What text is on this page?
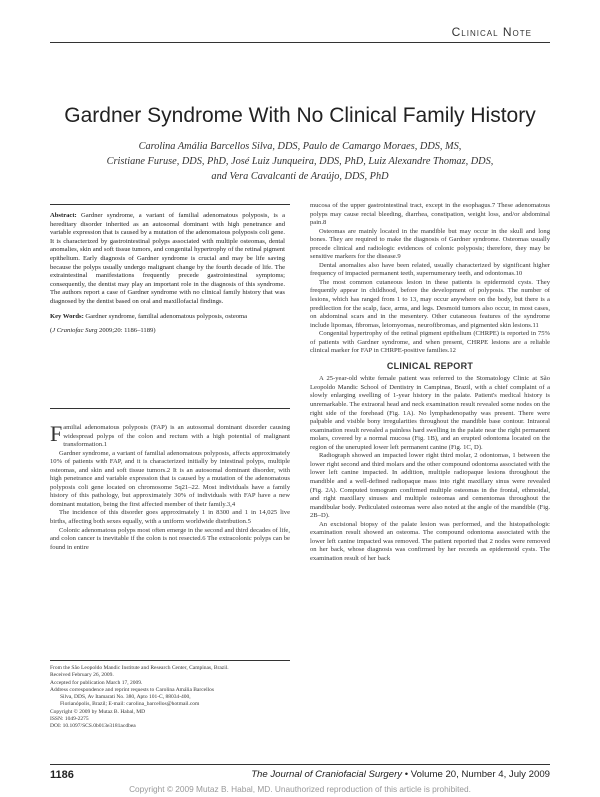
Clinical Note
Gardner Syndrome With No Clinical Family History
Carolina Amália Barcellos Silva, DDS, Paulo de Camargo Moraes, DDS, MS,
Cristiane Furuse, DDS, PhD, José Luiz Junqueira, DDS, PhD, Luiz Alexandre Thomaz, DDS,
and Vera Cavalcanti de Araújo, DDS, PhD

Abstract: Gardner syndrome, a variant of familial adenomatous polyposis, is a hereditary disorder inherited as an autosomal dominant with high penetrance and variable expression that is caused by a mutation of the adenomatous polyposis coli gene. It is characterized by gastrointestinal polyps associated with multiple osteomas, dental anomalies, skin and soft tissue tumors, and congenital hypertrophy of the retinal pigment epithelium. Early diagnosis of Gardner syndrome is crucial and may be life saving because the polyps usually undergo malignant change by the fourth decade of life. The extraintestinal manifestations frequently precede gastrointestinal symptoms; consequently, the dentist may play an important role in the diagnosis of this syndrome. The authors report a case of Gardner syndrome with no clinical family history that was diagnosed by the dentist based on oral and maxillofacial findings.

Key Words: Gardner syndrome, familial adenomatous polyposis, osteoma

(J Craniofac Surg 2009;20: 1186–1189)

Familial adenomatous polyposis (FAP) is an autosomal dominant disorder causing widespread polyps of the colon and rectum with a high potential of malignant transformation.1

Gardner syndrome, a variant of familial adenomatous polyposis, affects approximately 10% of patients with FAP, and it is characterized initially by intestinal polyps, multiple osteomas, and skin and soft tissue tumors.2 It is an autosomal dominant disorder, with high penetrance and variable expression that is caused by a mutation of the adenomatous polyposis coli gene located on chromosome 5q21–22. Most individuals have a family history of this pathology, but approximately 30% of individuals with FAP have a new dominant mutation, being the first affected member of their family.3,4

The incidence of this disorder goes approximately 1 in 8300 and 1 in 14,025 live births, affecting both sexes equally, with a uniform worldwide distribution.5

Colonic adenomatous polyps most often emerge in the second and third decades of life, and colon cancer is inevitable if the colon is not resected.6 The extracolonic polyps can be found in entire

From the São Leopoldo Mandic Institute and Research Center, Campinas, Brazil.
Received February 26, 2009.
Accepted for publication March 17, 2009.
Address correspondence and reprint requests to Carolina Amália Barcellos
Silva, DDS, Av Itamarati No. 380, Apto 101-C, 88034-400,
Florianópolis, Brazil; E-mail: carolina_barcellos@hotmail.com
Copyright © 2009 by Mutaz B. Habal, MD
ISSN: 1049-2275
DOI: 10.1097/SCS.0b013e3181acdbea

mucosa of the upper gastrointestinal tract, except in the esophagus.7 These adenomatous polyps may cause rectal bleeding, diarrhea, constipation, weight loss, and/or abdominal pain.8

Osteomas are mainly located in the mandible but may occur in the skull and long bones. They are required to make the diagnosis of Gardner syndrome. Osteomas usually precede clinical and radiologic evidences of colonic polyposis; therefore, they may be sensitive markers for the disease.9

Dental anomalies also have been related, usually characterized by significant higher frequency of impacted permanent teeth, supernumerary teeth, and odontomas.10

The most common cutaneous lesion in these patients is epidermoid cysts. They frequently appear in childhood, before the development of polyposis. The number of lesions, which has ranged from 1 to 13, may occur anywhere on the body, but there is a predilection for the scalp, face, arms, and legs. Desmoid tumors also occur, in most cases, on abdominal scars and in the mesentery. Other cutaneous features of the syndrome include lipomas, fibromas, leiomyomas, neurofibromas, and pigmented skin lesions.11

Congenital hypertrophy of the retinal pigment epithelium (CHRPE) is reported in 75% of patients with Gardner syndrome, and when present, CHRPE lesions are a reliable clinical marker for FAP in CHRPE-positive families.12

CLINICAL REPORT

A 25-year-old white female patient was referred to the Stomatology Clinic at São Leopoldo Mandic School of Dentistry in Campinas, Brazil, with a chief complaint of a slowly enlarging swelling of 1-year history in the palate. Patient's medical history is unremarkable. The extraoral head and neck examination result revealed some nodes on the right side of the forehead (Fig. 1A). No lymphadenopathy was present. There were palpable and visible bony irregularities throughout the mandible base contour. Intraoral examination result revealed a painless hard swelling in the palate near the right permanent molars, covered by a normal mucosa (Fig. 1B), and an erupted odontoma located on the region of the unerupted lower left permanent canine (Fig. 1C, D).

Radiograph showed an impacted lower right third molar, 2 odontomas, 1 between the lower right second and third molars and the other compound odontoma associated with the lower left canine impacted. In addition, multiple radiopaque lesions throughout the mandible and a well-defined radiopaque mass into right maxillary sinus were revealed (Fig. 2A). Computed tomogram confirmed multiple osteomas in the frontal, ethmoidal, and right maxillary sinuses and multiple osteomas and cementomas throughout the mandibular body. Pediculated osteomas were also noted at the angle of the mandible (Fig. 2B–D).

An excisional biopsy of the palate lesion was performed, and the histopathologic examination result showed an osteoma. The compound odontoma associated with the lower left canine impacted was removed. The patient reported that 2 nodes were removed on her back, whose diagnosis was confirmed by her records as epidermoid cysts. The examination result of her back

1186	The Journal of Craniofacial Surgery • Volume 20, Number 4, July 2009
Copyright © 2009 Mutaz B. Habal, MD. Unauthorized reproduction of this article is prohibited.
